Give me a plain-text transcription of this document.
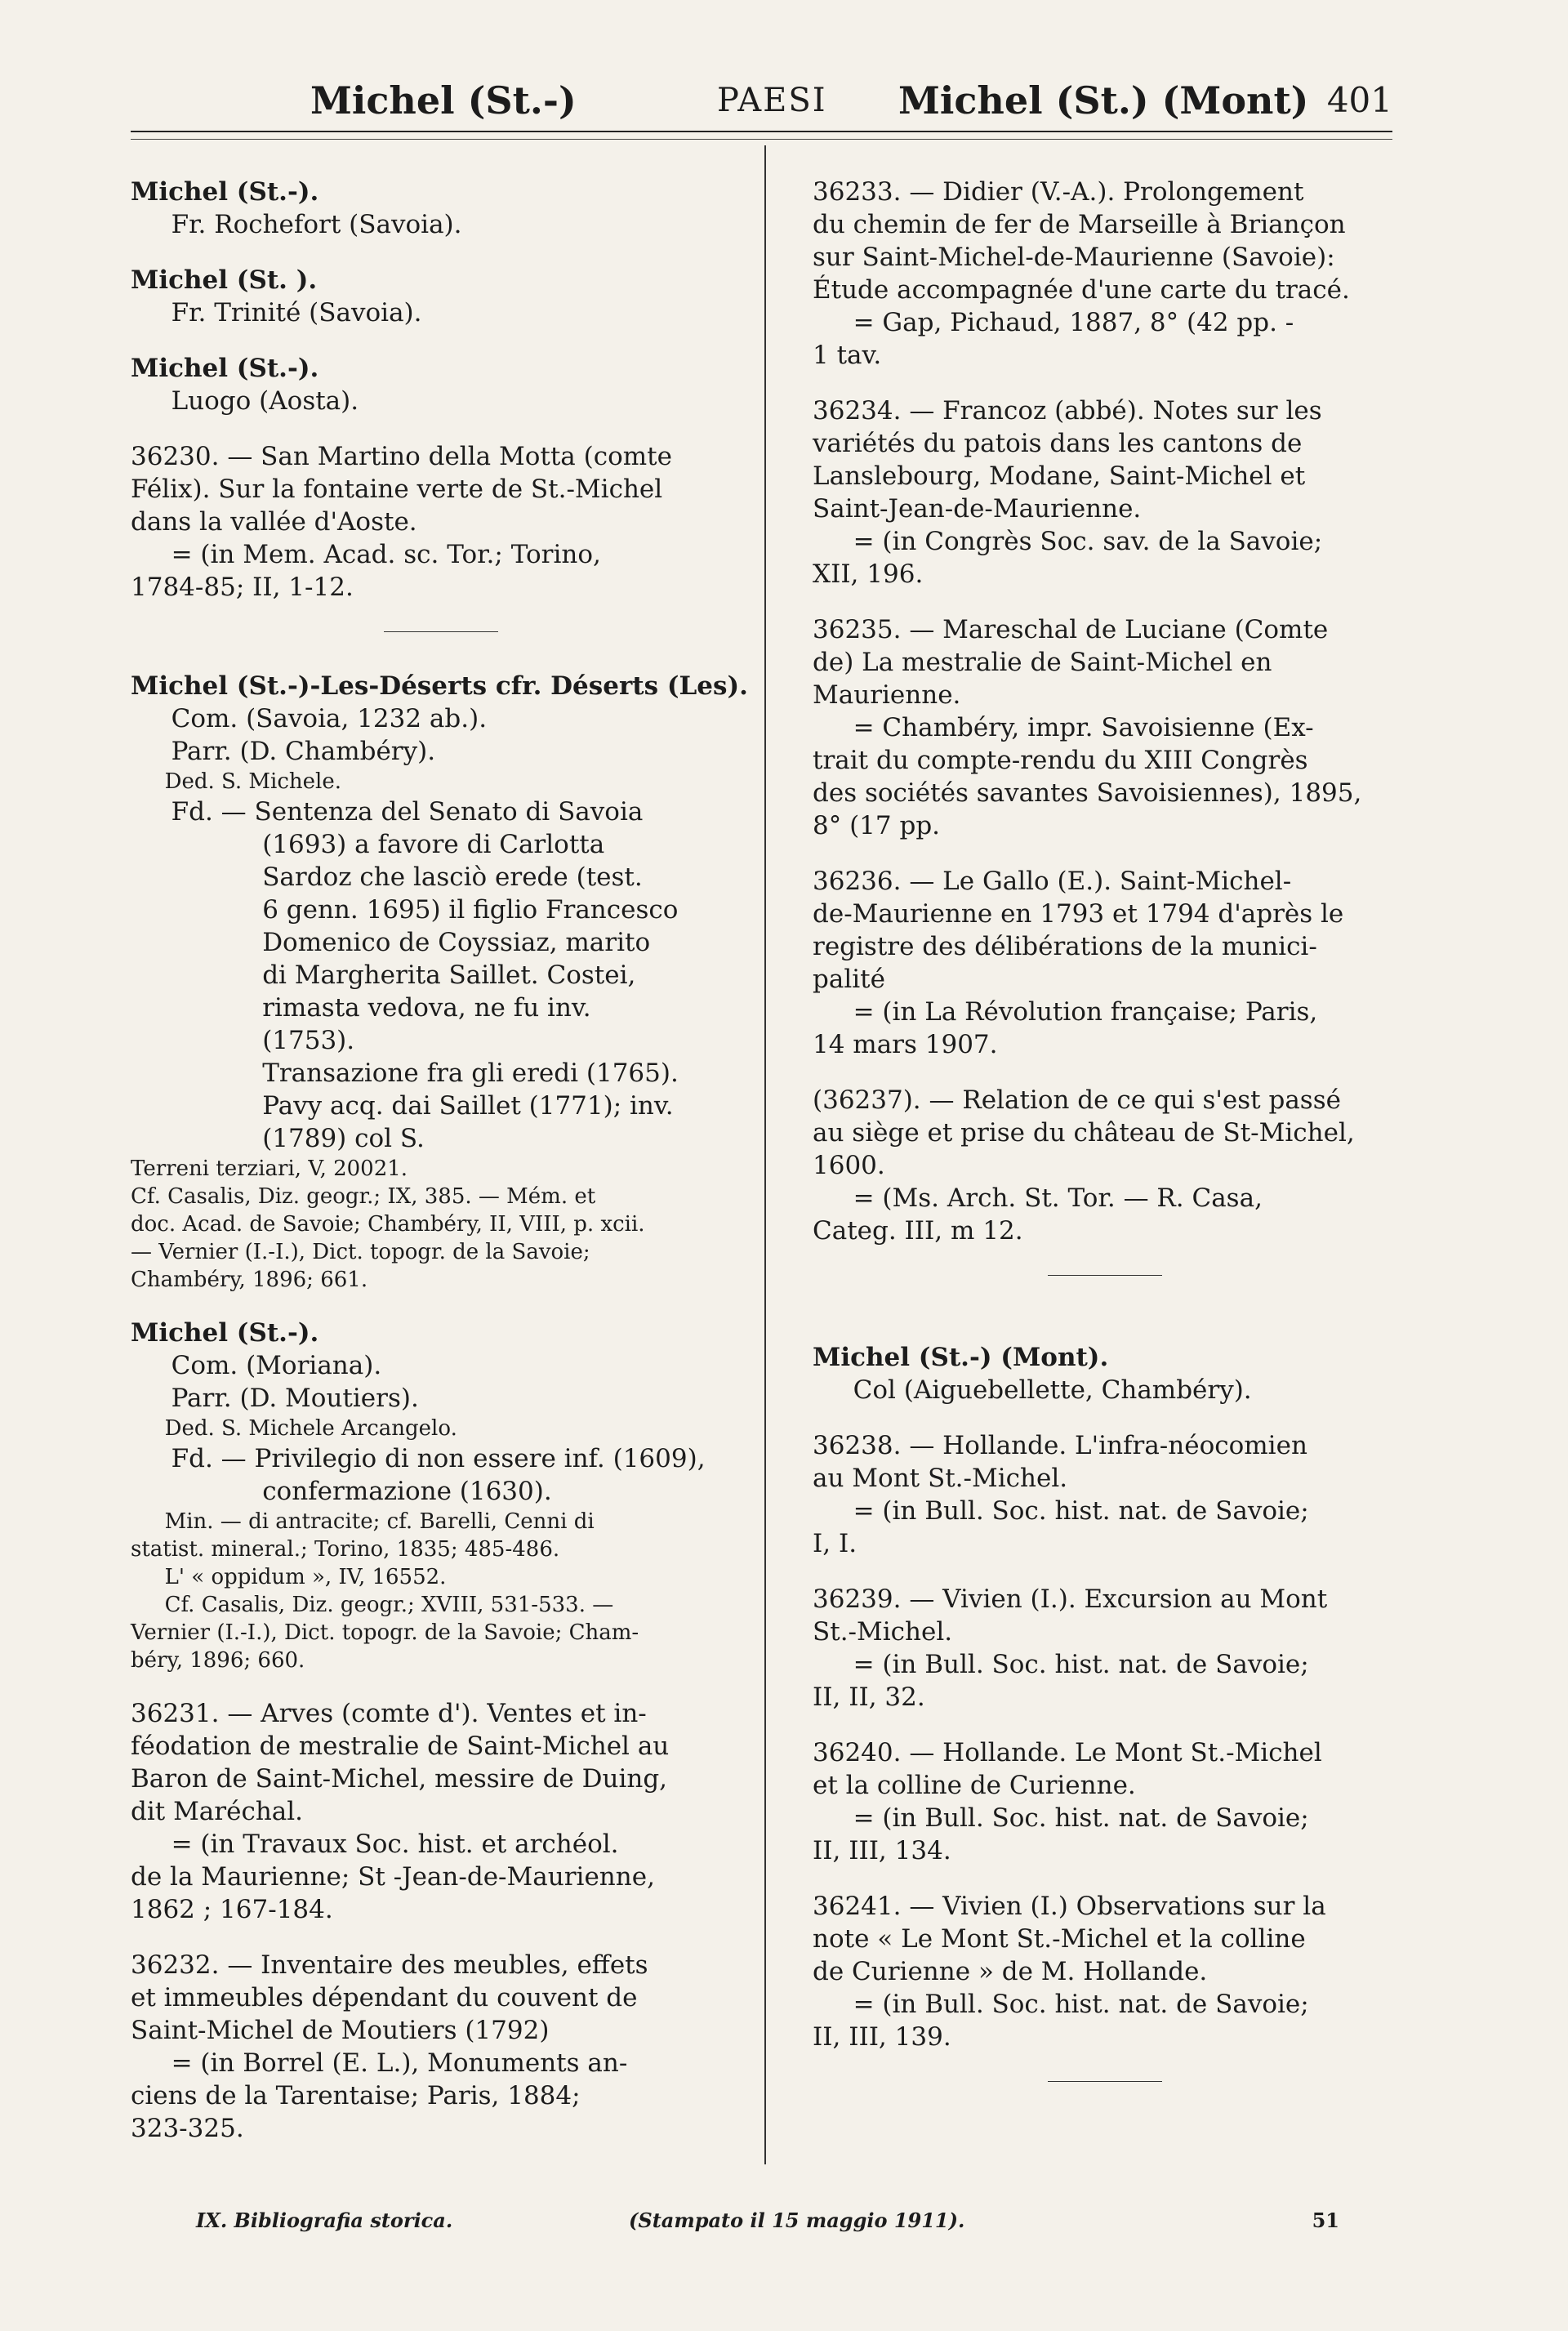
Michel (St.-)	PAESI Michel (St.) (Mont) 401

Michel (St.-).

Fr. Rochefort (Savoia).

Michel (St. ).

Fr. Trinité (Savoia).

Michel (St.-).

Luogo (Aosta).

36230. — San Martino della Motta (comte

Félix). Sur la fontaine verte de St.-Michel

dans la vallée d'Aoste.

= (in Mem. Acad. sc. Tor.; Torino,

1784-85; II, 1-12.

Michel (St.-)-Les-Déserts cfr. Déserts (Les).

Com. (Savoia, 1232 ab.).

Parr. (D. Chambéry).

Ded. S. Michele.

Fd. — Sentenza del Senato di Savoia

(1693) a favore di Carlotta

Sardoz che lasciò erede (test.

6 genn. 1695) il figlio Francesco

Domenico de Coyssiaz, marito

di Margherita Saillet. Costei,

rimasta vedova, ne fu inv.

(1753).

Transazione fra gli eredi (1765).

Pavy acq. dai Saillet (1771); inv.

(1789) col S.

Terreni terziari, V, 20021.

Cf. Casalis, Diz. geogr.; IX, 385. — Mém. et

doc. Acad. de Savoie; Chambéry, II, VIII, p. xcii.

— Vernier (I.-I.), Dict. topogr. de la Savoie;

Chambéry, 1896; 661.

Michel (St.-).

Com. (Moriana).

Parr. (D. Moutiers).

Ded. S. Michele Arcangelo.

Fd. — Privilegio di non essere inf. (1609),

confermazione (1630).

Min. — di antracite; cf. Barelli, Cenni di

statist. mineral.; Torino, 1835; 485-486.

L' « oppidum », IV, 16552.

Cf. Casalis, Diz. geogr.; XVIII, 531-533. —

Vernier (I.-I.), Dict. topogr. de la Savoie; Cham-

béry, 1896; 660.

36231. — Arves (comte d'). Ventes et in-

féodation de mestralie de Saint-Michel au

Baron de Saint-Michel, messire de Duing,

dit Maréchal.

= (in Travaux Soc. hist. et archéol.

de la Maurienne; St -Jean-de-Maurienne,

1862 ; 167-184.

36232. — Inventaire des meubles, effets

et immeubles dépendant du couvent de

Saint-Michel de Moutiers (1792)

= (in Borrel (E. L.), Monuments an-

ciens de la Tarentaise; Paris, 1884;

323-325.

36233. — Didier (V.-A.). Prolongement

du chemin de fer de Marseille à Briançon

sur Saint-Michel-de-Maurienne (Savoie):

Étude accompagnée d'une carte du tracé.

= Gap, Pichaud, 1887, 8° (42 pp. -

1 tav.

36234. — Francoz (abbé). Notes sur les

variétés du patois dans les cantons de

Lanslebourg, Modane, Saint-Michel et

Saint-Jean-de-Maurienne.

= (in Congrès Soc. sav. de la Savoie;

XII, 196.

36235. — Mareschal de Luciane (Comte

de) La mestralie de Saint-Michel en

Maurienne.

= Chambéry, impr. Savoisienne (Ex-

trait du compte-rendu du XIII Congrès

des sociétés savantes Savoisiennes), 1895,

8° (17 pp.

36236. — Le Gallo (E.). Saint-Michel-

de-Maurienne en 1793 et 1794 d'après le

registre des délibérations de la munici-

palité

= (in La Révolution française; Paris,

14 mars 1907.

(36237). — Relation de ce qui s'est passé

au siège et prise du château de St-Michel,

1600.

= (Ms. Arch. St. Tor. — R. Casa,

Categ. III, m 12.

Michel (St.-) (Mont).

Col (Aiguebellette, Chambéry).

36238. — Hollande. L'infra-néocomien

au Mont St.-Michel.

= (in Bull. Soc. hist. nat. de Savoie;

I, I.

36239. — Vivien (I.). Excursion au Mont

St.-Michel.

= (in Bull. Soc. hist. nat. de Savoie;

II, II, 32.

36240. — Hollande. Le Mont St.-Michel

et la colline de Curienne.

= (in Bull. Soc. hist. nat. de Savoie;

II, III, 134.

36241. — Vivien (I.) Observations sur la

note « Le Mont St.-Michel et la colline

de Curienne » de M. Hollande.

= (in Bull. Soc. hist. nat. de Savoie;

II, III, 139.

IX. Bibliografia storica.	(Stampato il 15 maggio 1911).	51
